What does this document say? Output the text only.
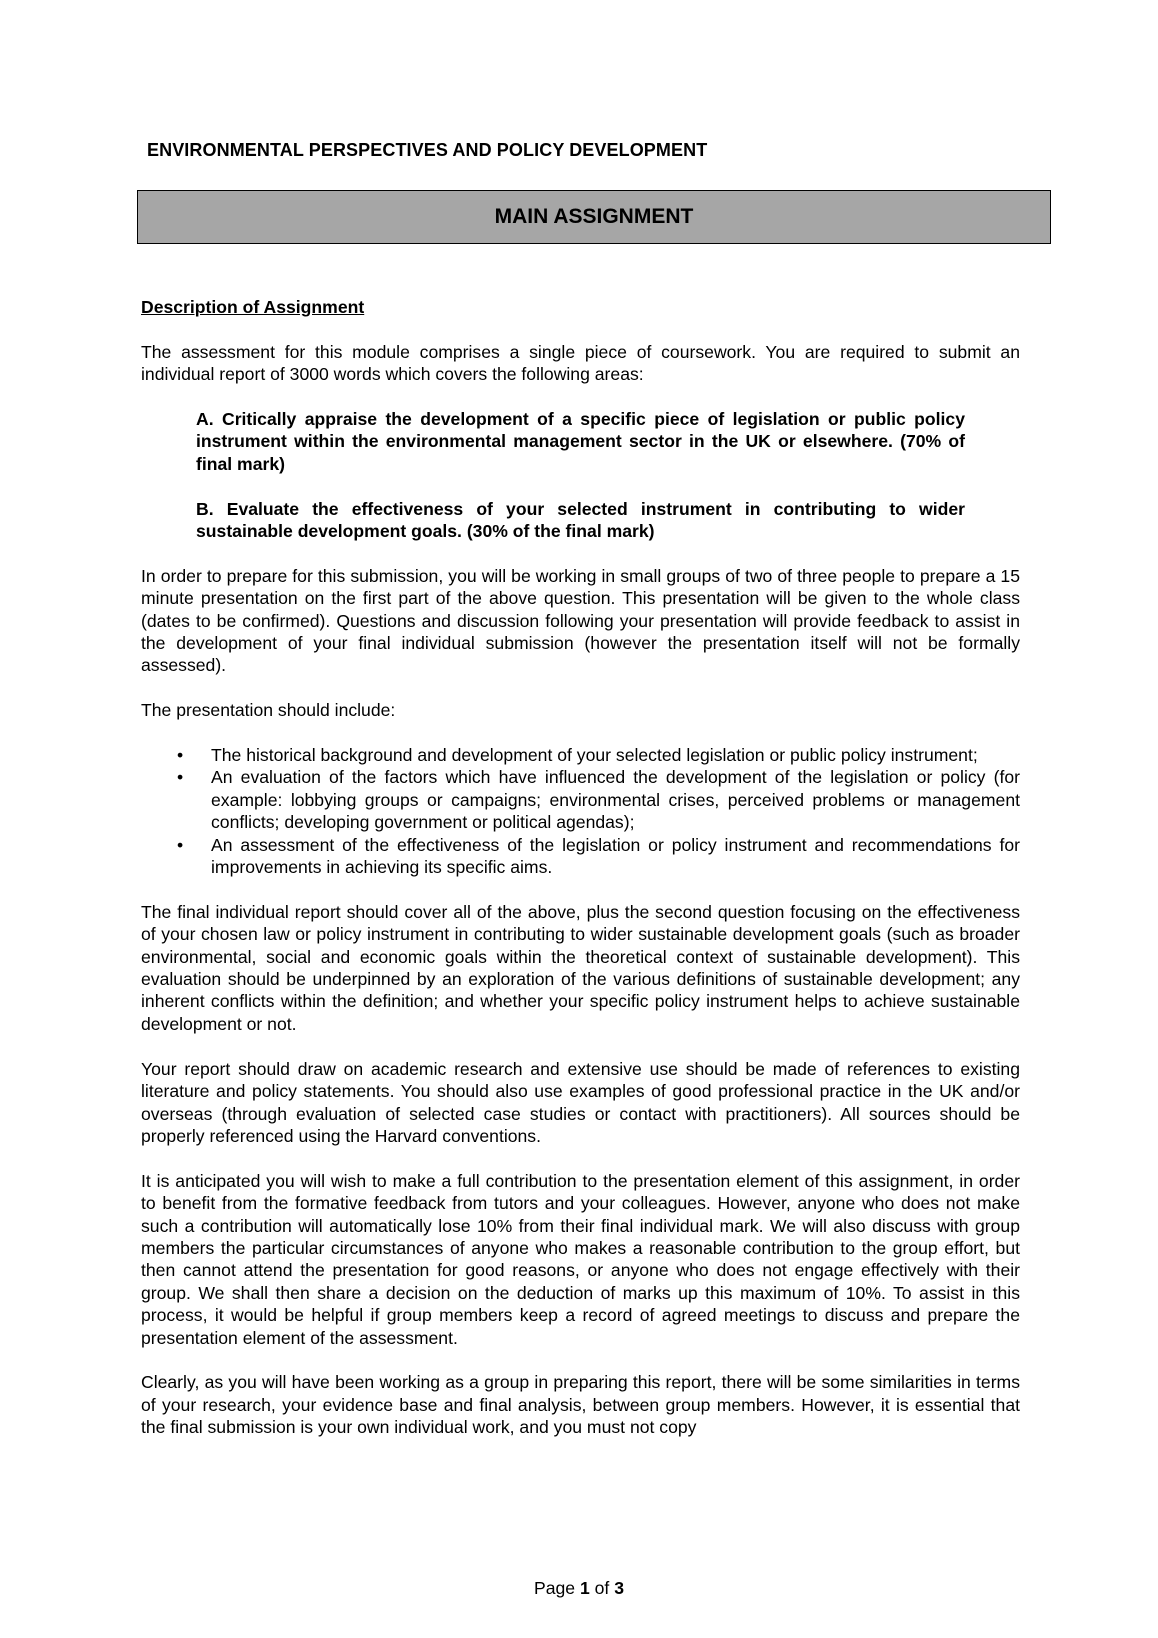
ENVIRONMENTAL PERSPECTIVES AND POLICY DEVELOPMENT
MAIN ASSIGNMENT
Description of Assignment

The assessment for this module comprises a single piece of coursework. You are required to submit an individual report of 3000 words which covers the following areas:

A. Critically appraise the development of a specific piece of legislation or public policy instrument within the environmental management sector in the UK or elsewhere. (70% of final mark)

B. Evaluate the effectiveness of your selected instrument in contributing to wider sustainable development goals. (30% of the final mark)

In order to prepare for this submission, you will be working in small groups of two of three people to prepare a 15 minute presentation on the first part of the above question. This presentation will be given to the whole class (dates to be confirmed). Questions and discussion following your presentation will provide feedback to assist in the development of your final individual submission (however the presentation itself will not be formally assessed).

The presentation should include:

• The historical background and development of your selected legislation or public policy instrument;
• An evaluation of the factors which have influenced the development of the legislation or policy (for example: lobbying groups or campaigns; environmental crises, perceived problems or management conflicts; developing government or political agendas);
• An assessment of the effectiveness of the legislation or policy instrument and recommendations for improvements in achieving its specific aims.

The final individual report should cover all of the above, plus the second question focusing on the effectiveness of your chosen law or policy instrument in contributing to wider sustainable development goals (such as broader environmental, social and economic goals within the theoretical context of sustainable development). This evaluation should be underpinned by an exploration of the various definitions of sustainable development; any inherent conflicts within the definition; and whether your specific policy instrument helps to achieve sustainable development or not.

Your report should draw on academic research and extensive use should be made of references to existing literature and policy statements. You should also use examples of good professional practice in the UK and/or overseas (through evaluation of selected case studies or contact with practitioners). All sources should be properly referenced using the Harvard conventions.

It is anticipated you will wish to make a full contribution to the presentation element of this assignment, in order to benefit from the formative feedback from tutors and your colleagues. However, anyone who does not make such a contribution will automatically lose 10% from their final individual mark. We will also discuss with group members the particular circumstances of anyone who makes a reasonable contribution to the group effort, but then cannot attend the presentation for good reasons, or anyone who does not engage effectively with their group. We shall then share a decision on the deduction of marks up this maximum of 10%. To assist in this process, it would be helpful if group members keep a record of agreed meetings to discuss and prepare the presentation element of the assessment.

Clearly, as you will have been working as a group in preparing this report, there will be some similarities in terms of your research, your evidence base and final analysis, between group members. However, it is essential that the final submission is your own individual work, and you must not copy

Page 1 of 3
